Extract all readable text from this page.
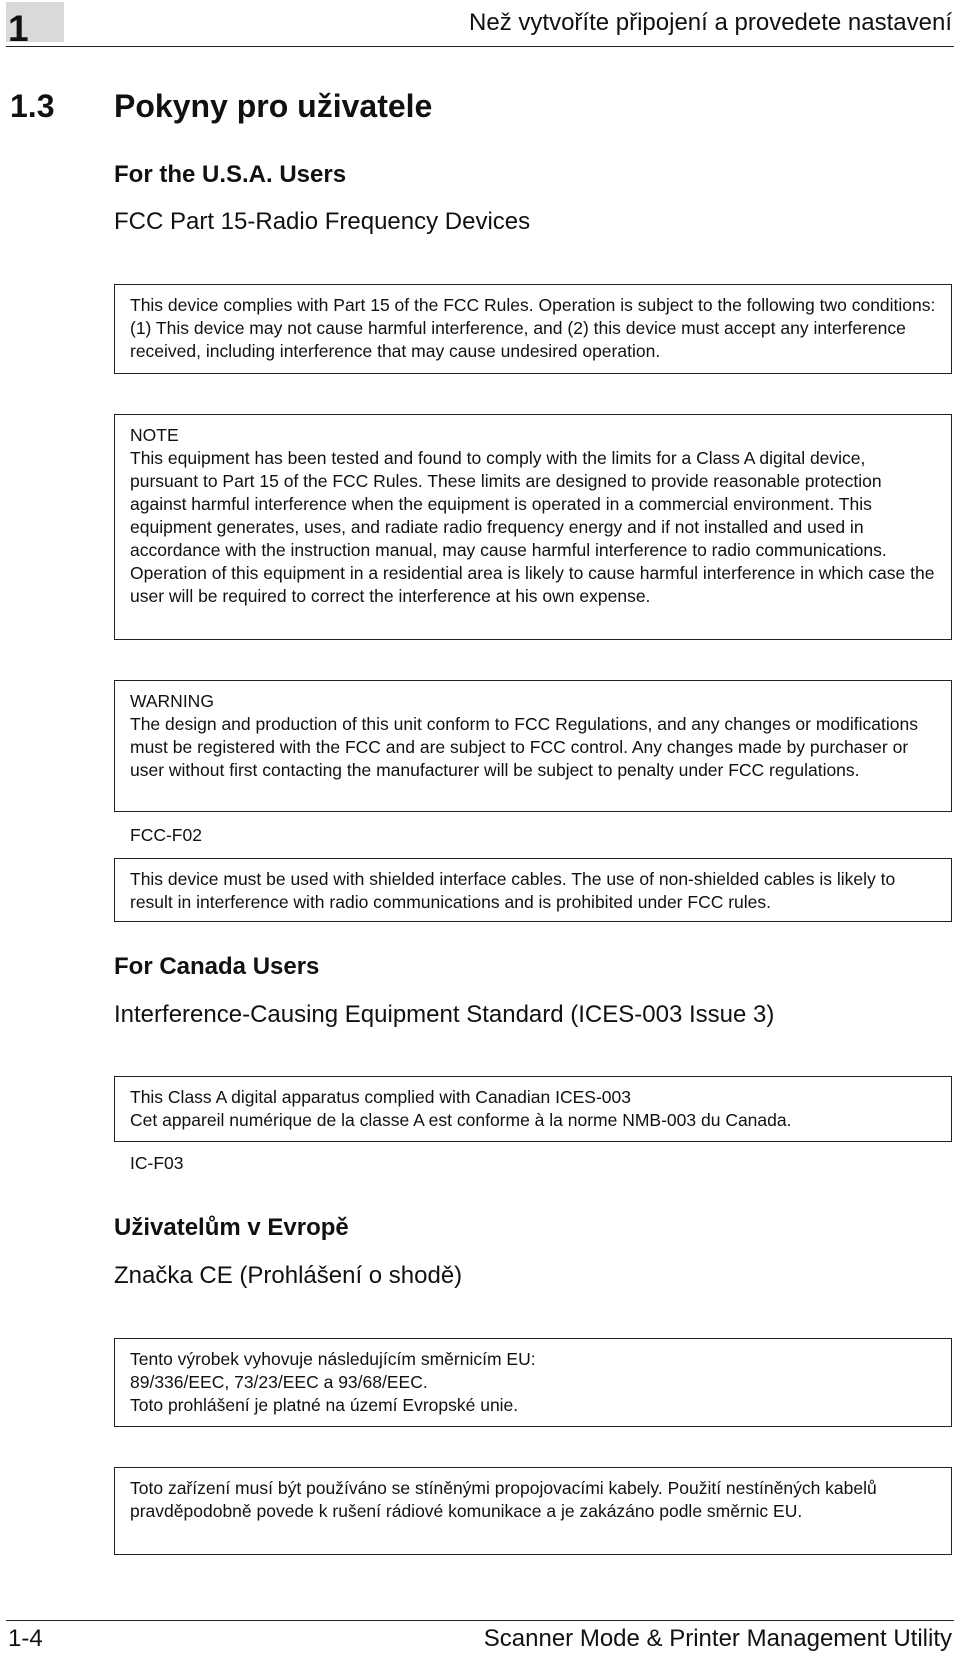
1	Než vytvoříte připojení a provedete nastavení
1.3 Pokyny pro uživatele
For the U.S.A. Users
FCC Part 15-Radio Frequency Devices

This device complies with Part 15 of the FCC Rules. Operation is subject to the following two conditions: (1) This device may not cause harmful interference, and (2) this device must accept any interference received, including interference that may cause undesired operation.

NOTE

This equipment has been tested and found to comply with the limits for a Class A digital device, pursuant to Part 15 of the FCC Rules. These limits are designed to provide reasonable protection against harmful interference when the equipment is operated in a commercial environment. This equipment generates, uses, and radiate radio frequency energy and if not installed and used in accordance with the instruction manual, may cause harmful interference to radio communications.

Operation of this equipment in a residential area is likely to cause harmful interference in which case the user will be required to correct the interference at his own expense.

WARNING

The design and production of this unit conform to FCC Regulations, and any changes or modifications must be registered with the FCC and are subject to FCC control. Any changes made by purchaser or user without first contacting the manufacturer will be subject to penalty under FCC regulations.

FCC-F02

This device must be used with shielded interface cables. The use of non-shielded cables is likely to result in interference with radio communications and is prohibited under FCC rules.

For Canada Users
Interference-Causing Equipment Standard (ICES-003 Issue 3)

This Class A digital apparatus complied with Canadian ICES-003

Cet appareil numérique de la classe A est conforme à la norme NMB-003 du Canada.

IC-F03
Uživatelům v Evropě
Značka CE (Prohlášení o shodě)

Tento výrobek vyhovuje následujícím směrnicím EU:

89/336/EEC, 73/23/EEC a 93/68/EEC.

Toto prohlášení je platné na území Evropské unie.

Toto zařízení musí být používáno se stíněnými propojovacími kabely. Použití nestíněných kabelů pravděpodobně povede k rušení rádiové komunikace a je zakázáno podle směrnic EU.

1-4	Scanner Mode & Printer Management Utility
